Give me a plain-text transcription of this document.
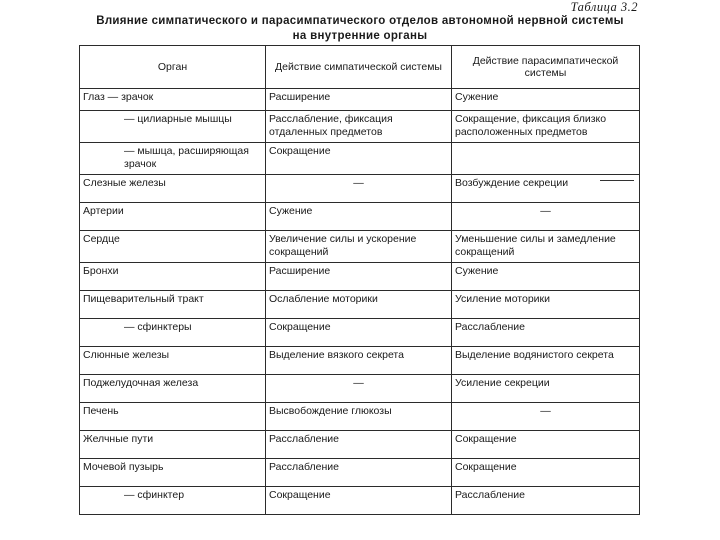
Таблица 3.2
Влияние симпатического и парасимпатического отделов автономной нервной системы
на внутренние органы
Орган	Действие симпатической системы	Действие парасимпатической системы
Глаз — зрачок	Расширение	Сужение
— цилиарные мышцы	Расслабление, фиксация отдаленных предметов	Сокращение, фиксация близко расположенных предметов
— мышца, расширяющая зрачок	Сокращение	
Слезные железы	—	Возбуждение секреции
Артерии	Сужение	—
Сердце	Увеличение силы и ускорение сокращений	Уменьшение силы и замедление сокращений
Бронхи	Расширение	Сужение
Пищеварительный тракт	Ослабление моторики	Усиление моторики
— сфинктеры	Сокращение	Расслабление
Слюнные железы	Выделение вязкого секрета	Выделение водянистого секрета
Поджелудочная железа	—	Усиление секреции
Печень	Высвобождение глюкозы	—
Желчные пути	Расслабление	Сокращение
Мочевой пузырь	Расслабление	Сокращение
— сфинктер	Сокращение	Расслабление
